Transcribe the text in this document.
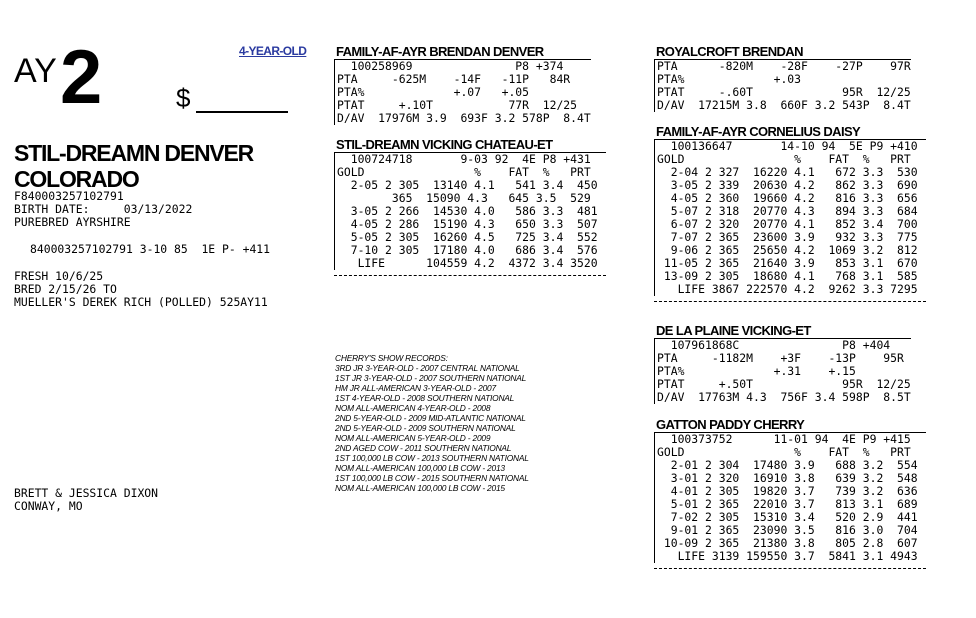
AY 2	$
4-YEAR-OLD
STIL-DREAMN DENVER
COLORADO
F840003257102791
BIRTH DATE:     03/13/2022
PUREBRED AYRSHIRE
840003257102791 3-10 85  1E P- +411
FRESH 10/6/25
BRED 2/15/26 TO
MUELLER'S DEREK RICH (POLLED) 525AY11
BRETT & JESSICA DIXON
CONWAY, MO
FAMILY-AF-AYR BRENDAN DENVER
100258969               P8 +374
PTA     -625M    -14F   -11P   84R
PTA%             +.07   +.05
PTAT     +.10T           77R  12/25
D/AV  17976M 3.9  693F 3.2 578P  8.4T
STIL-DREAMN VICKING CHATEAU-ET
100724718       9-03 92  4E P8 +431
GOLD                %    FAT  %   PRT
2-05 2 305  13140 4.1   541 3.4  450
365  15090 4.3   645 3.5  529
3-05 2 266  14530 4.0   586 3.3  481
4-05 2 286  15190 4.3   650 3.3  507
5-05 2 305  16260 4.5   725 3.4  552
7-10 2 305  17180 4.0   686 3.4  576
LIFE      104559 4.2  4372 3.4 3520
CHERRY'S SHOW RECORDS:
3RD JR 3-YEAR-OLD - 2007 CENTRAL NATIONAL
1ST JR 3-YEAR-OLD - 2007 SOUTHERN NATIONAL
HM JR ALL-AMERICAN 3-YEAR-OLD - 2007
1ST 4-YEAR-OLD - 2008 SOUTHERN NATIONAL
NOM ALL-AMERICAN 4-YEAR-OLD - 2008
2ND 5-YEAR-OLD - 2009 MID-ATLANTIC NATIONAL
2ND 5-YEAR-OLD - 2009 SOUTHERN NATIONAL
NOM ALL-AMERICAN 5-YEAR-OLD - 2009
2ND AGED COW - 2011 SOUTHERN NATIONAL
1ST 100,000 LB COW - 2013 SOUTHERN NATIONAL
NOM ALL-AMERICAN 100,000 LB COW - 2013
1ST 100,000 LB COW - 2015 SOUTHERN NATIONAL
NOM ALL-AMERICAN 100,000 LB COW - 2015
ROYALCROFT BRENDAN
PTA      -820M    -28F    -27P    97R
PTA%             +.03
PTAT     -.60T             95R  12/25
D/AV  17215M 3.8  660F 3.2 543P  8.4T
FAMILY-AF-AYR CORNELIUS DAISY
100136647       14-10 94  5E P9 +410
GOLD                %    FAT  %   PRT
2-04 2 327  16220 4.1   672 3.3  530
3-05 2 339  20630 4.2   862 3.3  690
4-05 2 360  19660 4.2   816 3.3  656
5-07 2 318  20770 4.3   894 3.3  684
6-07 2 320  20770 4.1   852 3.4  700
7-07 2 365  23600 3.9   932 3.3  775
9-06 2 365  25650 4.2  1069 3.2  812
11-05 2 365  21640 3.9   853 3.1  670
13-09 2 305  18680 4.1   768 3.1  585
LIFE 3867 222570 4.2  9262 3.3 7295
DE LA PLAINE VICKING-ET
107961868C               P8 +404
PTA     -1182M    +3F    -13P    95R
PTA%             +.31    +.15
PTAT     +.50T             95R  12/25
D/AV  17763M 4.3  756F 3.4 598P  8.5T
GATTON PADDY CHERRY
100373752      11-01 94  4E P9 +415
GOLD                %    FAT  %   PRT
2-01 2 304  17480 3.9   688 3.2  554
3-01 2 320  16910 3.8   639 3.2  548
4-01 2 305  19820 3.7   739 3.2  636
5-01 2 365  22010 3.7   813 3.1  689
7-02 2 305  15310 3.4   520 2.9  441
9-01 2 365  23090 3.5   816 3.0  704
10-09 2 365  21380 3.8   805 2.8  607
LIFE 3139 159550 3.7  5841 3.1 4943
